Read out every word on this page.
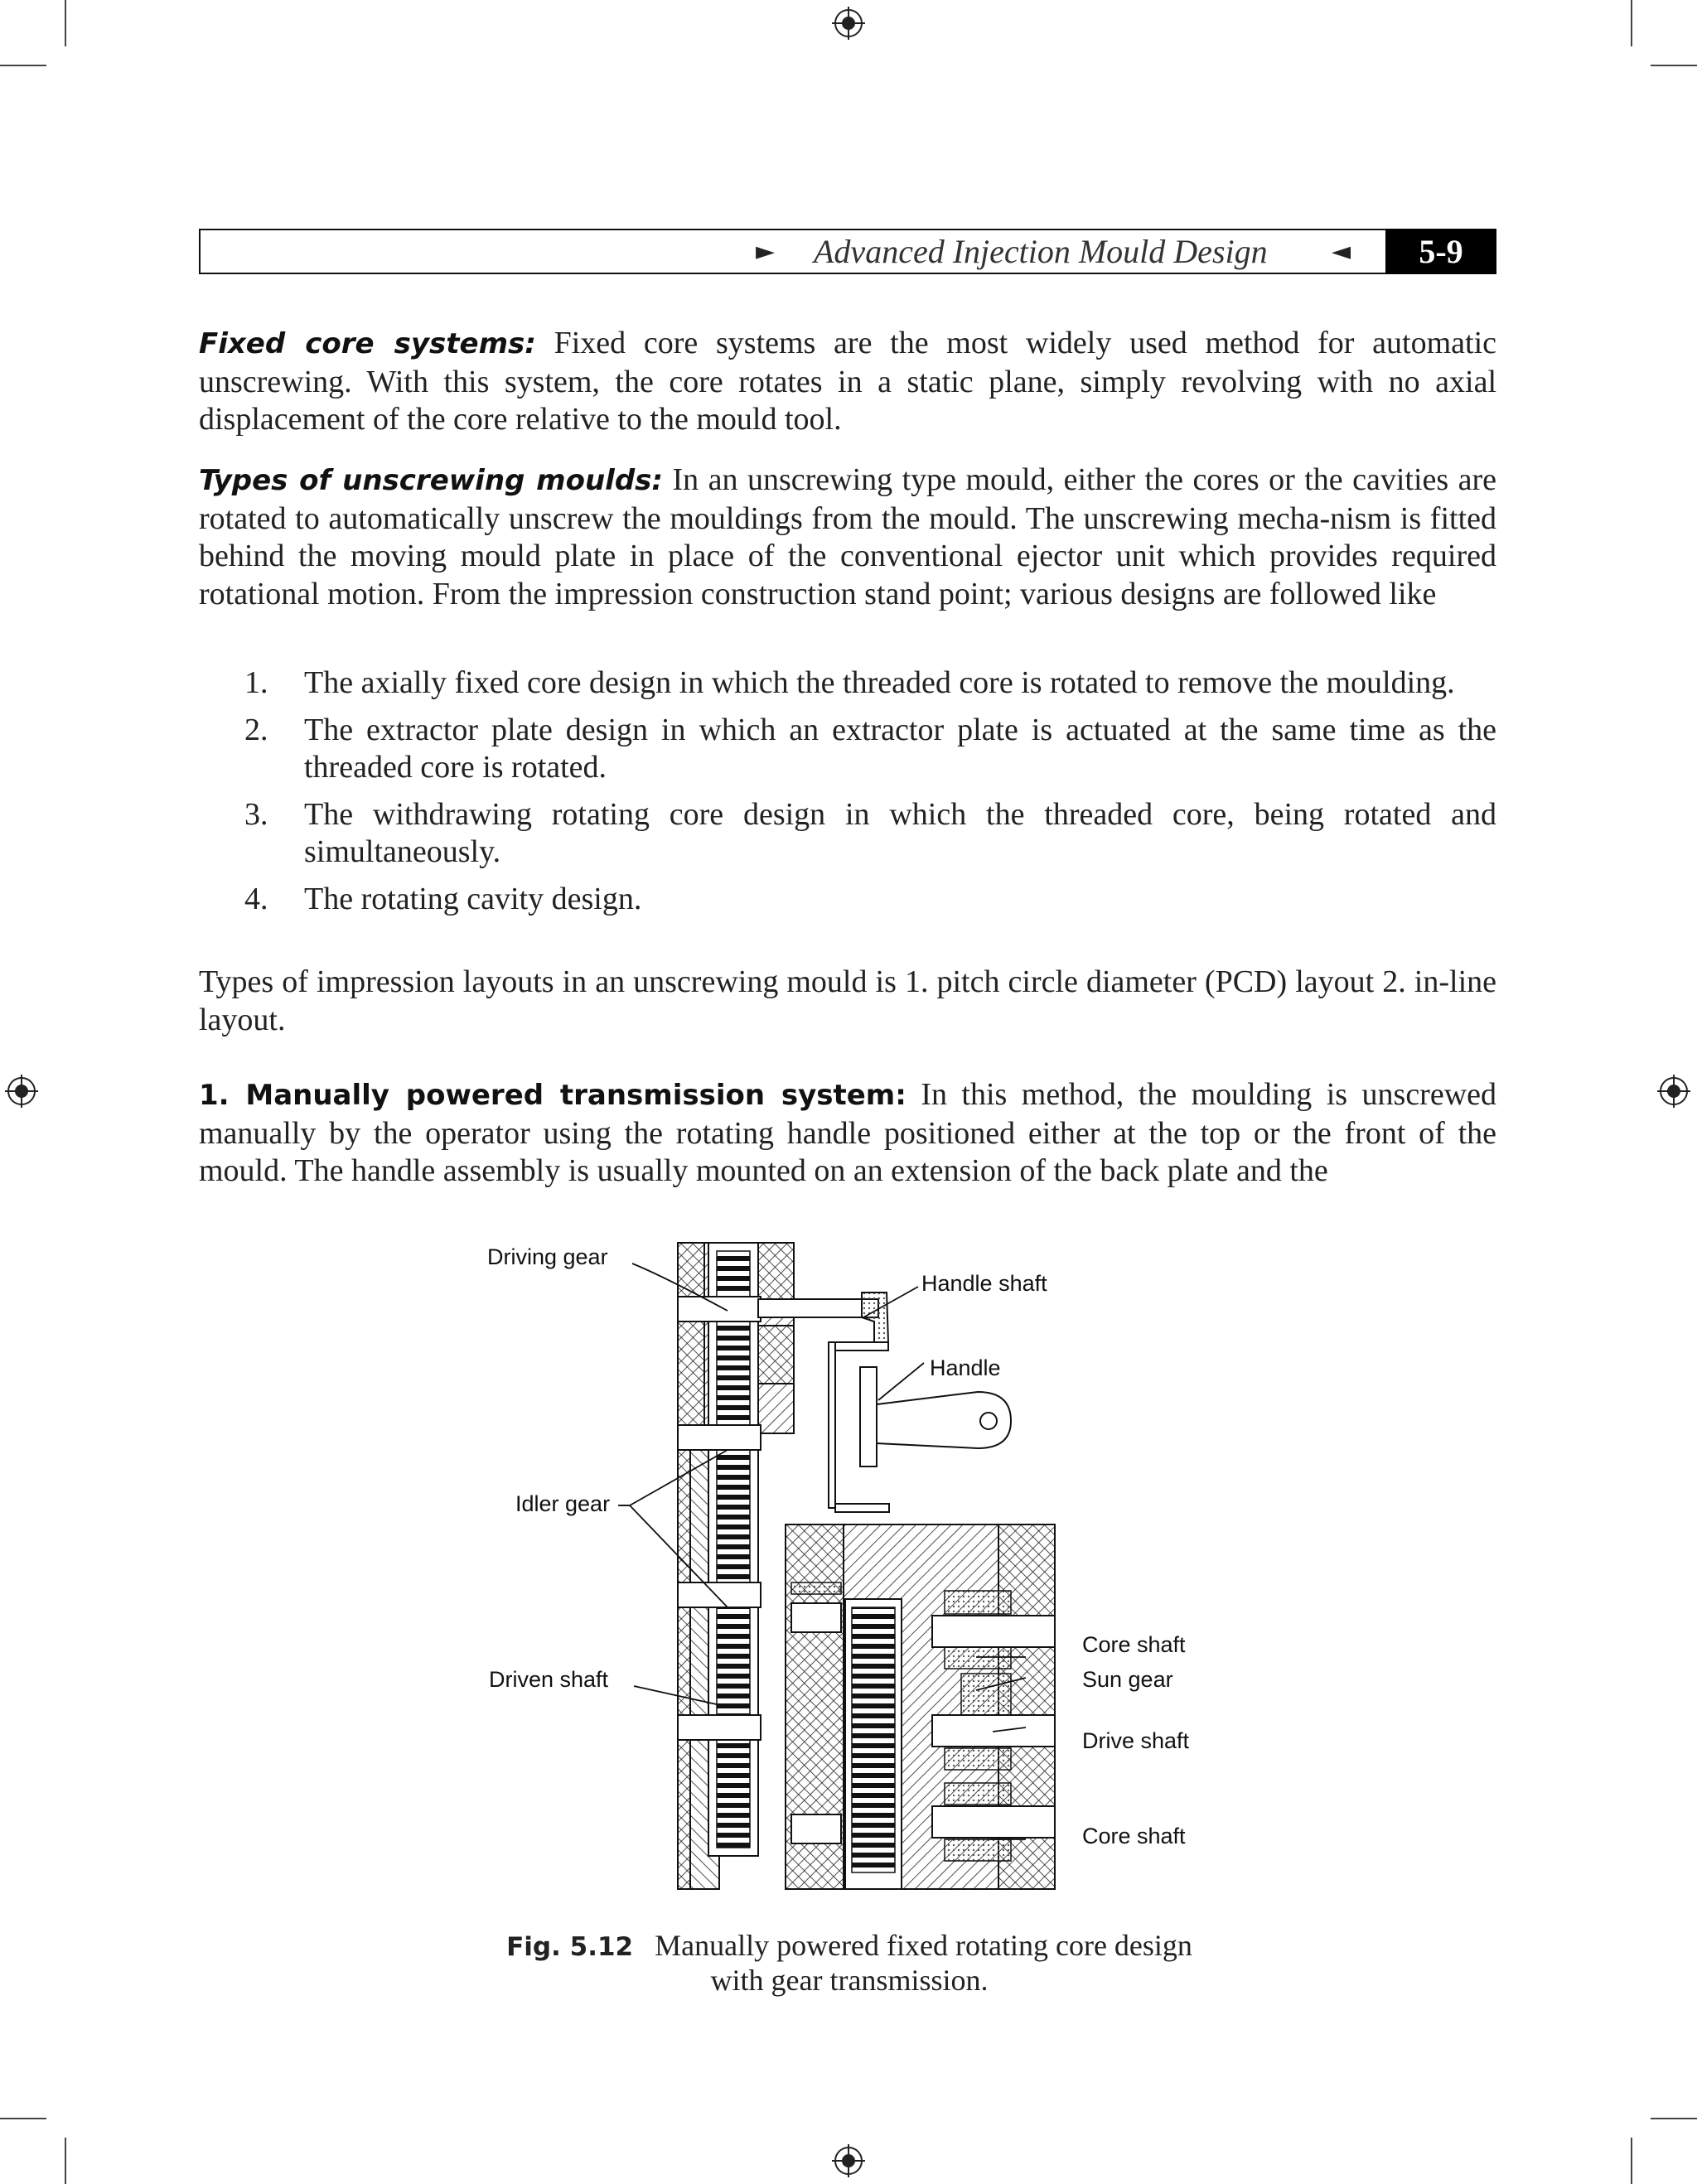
► Advanced Injection Mould Design	◄	5-9
Fixed core systems: Fixed core systems are the most widely used method for automatic unscrewing. With this system, the core rotates in a static plane, simply revolving with no axial displacement of the core relative to the mould tool.
Types of unscrewing moulds: In an unscrewing type mould, either the cores or the cavities are rotated to automatically unscrew the mouldings from the mould. The unscrewing mecha-nism is fitted behind the moving mould plate in place of the conventional ejector unit which provides required rotational motion. From the impression construction stand point; various designs are followed like
1. The axially fixed core design in which the threaded core is rotated to remove the moulding.
2. The extractor plate design in which an extractor plate is actuated at the same time as the threaded core is rotated.
3. The withdrawing rotating core design in which the threaded core, being rotated and simultaneously.
4. The rotating cavity design.
Types of impression layouts in an unscrewing mould is 1. pitch circle diameter (PCD) layout 2. in-line layout.
1. Manually powered transmission system: In this method, the moulding is unscrewed manually by the operator using the rotating handle positioned either at the top or the front of the mould. The handle assembly is usually mounted on an extension of the back plate and the
Driving gear
Handle shaft
Handle
Idler gear
Driven shaft
Core shaft
Sun gear
Drive shaft
Core shaft
Fig. 5.12 Manually powered fixed rotating core design
with gear transmission.
